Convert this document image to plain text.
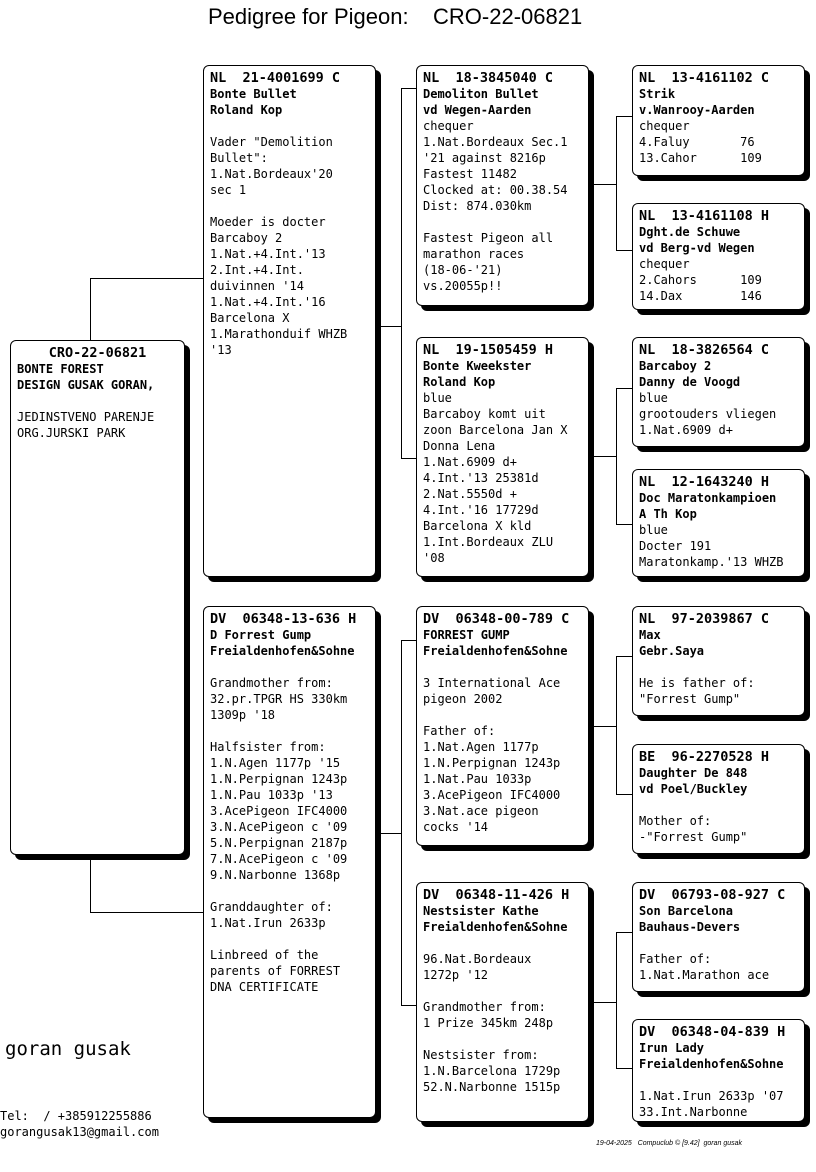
Pedigree for Pigeon: CRO-22-06821
CRO-22-06821
BONTE FOREST
DESIGN GUSAK GORAN,
JEDINSTVENO PARENJE
ORG.JURSKI PARK
NL  21-4001699 C
Bonte Bullet
Roland Kop
Vader "Demolition
Bullet":
1.Nat.Bordeaux'20
sec 1
Moeder is docter
Barcaboy 2
1.Nat.+4.Int.'13
2.Int.+4.Int.
duivinnen '14
1.Nat.+4.Int.'16
Barcelona X
1.Marathonduif WHZB
'13
DV  06348-13-636 H
D Forrest Gump
Freialdenhofen&Sohne
Grandmother from:
32.pr.TPGR HS 330km
1309p '18
Halfsister from:
1.N.Agen 1177p '15
1.N.Perpignan 1243p
1.N.Pau 1033p '13
3.AcePigeon IFC4000
3.N.AcePigeon c '09
5.N.Perpignan 2187p
7.N.AcePigeon c '09
9.N.Narbonne 1368p
Granddaughter of:
1.Nat.Irun 2633p
Linbreed of the
parents of FORREST
DNA CERTIFICATE
NL  18-3845040 C
Demoliton Bullet
vd Wegen-Aarden
chequer
1.Nat.Bordeaux Sec.1
'21 against 8216p
Fastest 11482
Clocked at: 00.38.54
Dist: 874.030km
Fastest Pigeon all
marathon races
(18-06-'21)
vs.20055p!!
NL  19-1505459 H
Bonte Kweekster
Roland Kop
blue
Barcaboy komt uit
zoon Barcelona Jan X
Donna Lena
1.Nat.6909 d+
4.Int.'13 25381d
2.Nat.5550d +
4.Int.'16 17729d
Barcelona X kld
1.Int.Bordeaux ZLU
'08
DV  06348-00-789 C
FORREST GUMP
Freialdenhofen&Sohne
3 International Ace
pigeon 2002
Father of:
1.Nat.Agen 1177p
1.N.Perpignan 1243p
1.Nat.Pau 1033p
3.AcePigeon IFC4000
3.Nat.ace pigeon
cocks '14
DV  06348-11-426 H
Nestsister Kathe
Freialdenhofen&Sohne
96.Nat.Bordeaux
1272p '12
Grandmother from:
1 Prize 345km 248p
Nestsister from:
1.N.Barcelona 1729p
52.N.Narbonne 1515p
NL  13-4161102 C
Strik
v.Wanrooy-Aarden
chequer
4.Faluy       76
13.Cahor      109
NL  13-4161108 H
Dght.de Schuwe
vd Berg-vd Wegen
chequer
2.Cahors      109
14.Dax        146
NL  18-3826564 C
Barcaboy 2
Danny de Voogd
blue
grootouders vliegen
1.Nat.6909 d+
NL  12-1643240 H
Doc Maratonkampioen
A Th Kop
blue
Docter 191
Maratonkamp.'13 WHZB
NL  97-2039867 C
Max
Gebr.Saya
He is father of:
"Forrest Gump"
BE  96-2270528 H
Daughter De 848
vd Poel/Buckley
Mother of:
-"Forrest Gump"
DV  06793-08-927 C
Son Barcelona
Bauhaus-Devers
Father of:
1.Nat.Marathon ace
DV  06348-04-839 H
Irun Lady
Freialdenhofen&Sohne
1.Nat.Irun 2633p '07
33.Int.Narbonne
goran gusak
Tel:  / +385912255886
gorangusak13@gmail.com
19-04-2025   Compuclub © [9.42]  goran gusak
